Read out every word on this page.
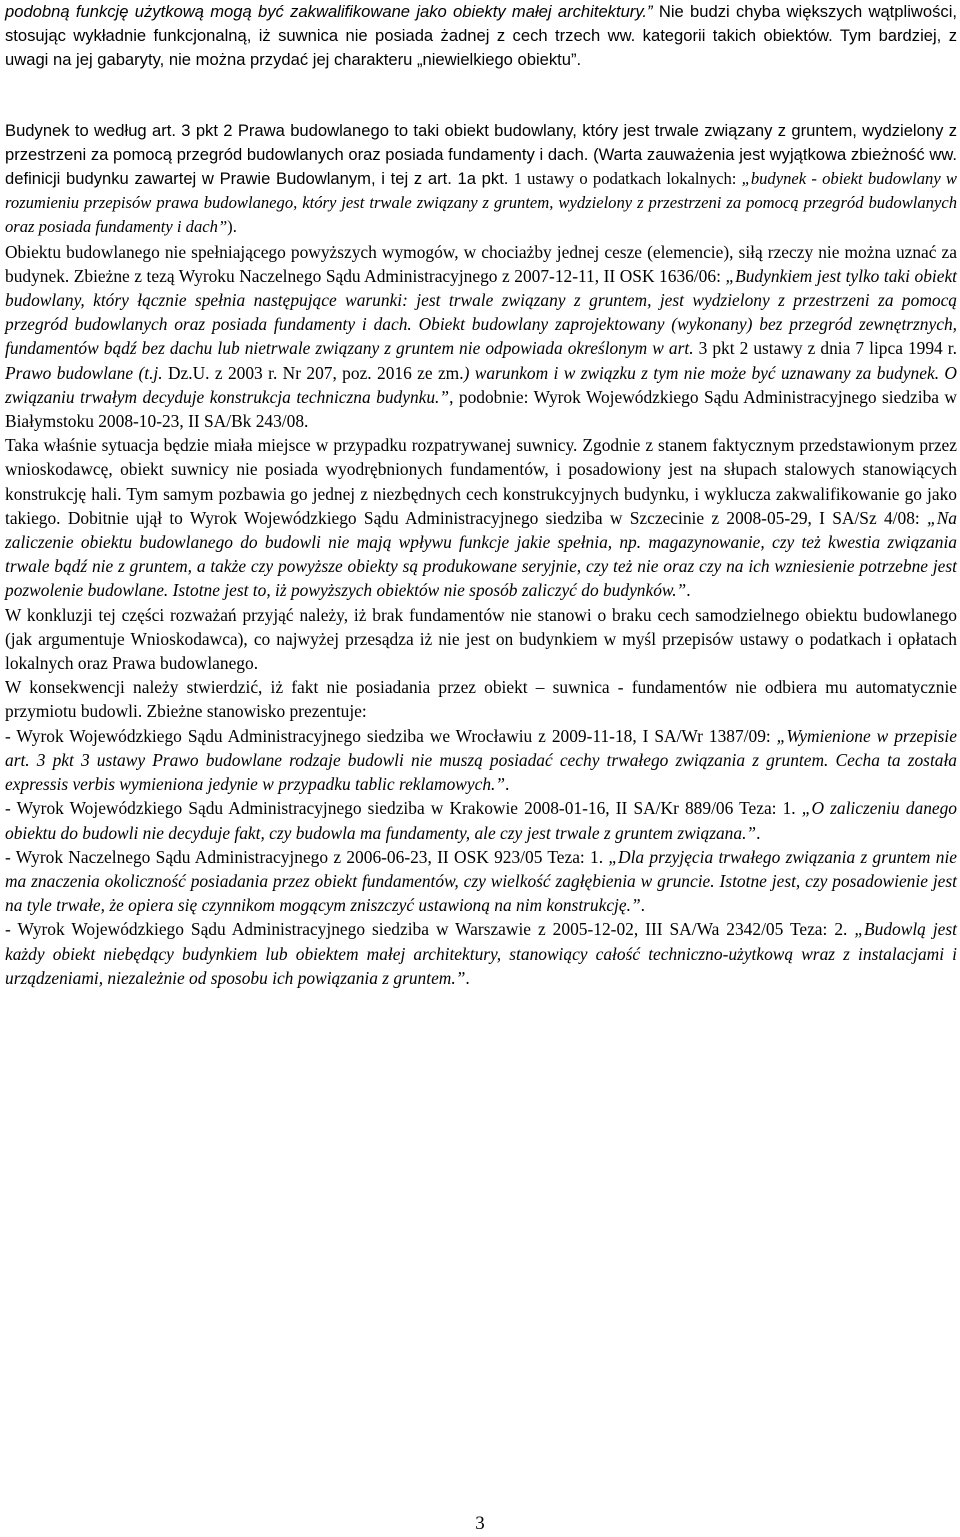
podobną funkcję użytkową mogą być zakwalifikowane jako obiekty małej architektury.” Nie budzi chyba większych wątpliwości, stosując wykładnie funkcjonalną, iż suwnica nie posiada żadnej z cech trzech ww. kategorii takich obiektów. Tym bardziej, z uwagi na jej gabaryty, nie można przydać jej charakteru „niewielkiego obiektu”.

Budynek to według art. 3 pkt 2 Prawa budowlanego to taki obiekt budowlany, który jest trwale związany z gruntem, wydzielony z przestrzeni za pomocą przegród budowlanych oraz posiada fundamenty i dach. (Warta zauważenia jest wyjątkowa zbieżność ww. definicji budynku zawartej w Prawie Budowlanym, i tej z art. 1a pkt. 1 ustawy o podatkach lokalnych: „budynek - obiekt budowlany w rozumieniu przepisów prawa budowlanego, który jest trwale związany z gruntem, wydzielony z przestrzeni za pomocą przegród budowlanych oraz posiada fundamenty i dach”).

Obiektu budowlanego nie spełniającego powyższych wymogów, w chociażby jednej cesze (elemencie), siłą rzeczy nie można uznać za budynek. Zbieżne z tezą Wyroku Naczelnego Sądu Administracyjnego z 2007-12-11, II OSK 1636/06: „Budynkiem jest tylko taki obiekt budowlany, który łącznie spełnia następujące warunki: jest trwale związany z gruntem, jest wydzielony z przestrzeni za pomocą przegród budowlanych oraz posiada fundamenty i dach. Obiekt budowlany zaprojektowany (wykonany) bez przegród zewnętrznych, fundamentów bądź bez dachu lub nietrwale związany z gruntem nie odpowiada określonym w art. 3 pkt 2 ustawy z dnia 7 lipca 1994 r. Prawo budowlane (t.j. Dz.U. z 2003 r. Nr 207, poz. 2016 ze zm.) warunkom i w związku z tym nie może być uznawany za budynek. O związaniu trwałym decyduje konstrukcja techniczna budynku.”, podobnie: Wyrok Wojewódzkiego Sądu Administracyjnego siedziba w Białymstoku 2008-10-23, II SA/Bk 243/08.

Taka właśnie sytuacja będzie miała miejsce w przypadku rozpatrywanej suwnicy. Zgodnie z stanem faktycznym przedstawionym przez wnioskodawcę, obiekt suwnicy nie posiada wyodrębnionych fundamentów, i posadowiony jest na słupach stalowych stanowiących konstrukcję hali. Tym samym pozbawia go jednej z niezbędnych cech konstrukcyjnych budynku, i wyklucza zakwalifikowanie go jako takiego. Dobitnie ujął to Wyrok Wojewódzkiego Sądu Administracyjnego siedziba w Szczecinie z 2008-05-29, I SA/Sz 4/08: „Na zaliczenie obiektu budowlanego do budowli nie mają wpływu funkcje jakie spełnia, np. magazynowanie, czy też kwestia związania trwale bądź nie z gruntem, a także czy powyższe obiekty są produkowane seryjnie, czy też nie oraz czy na ich wzniesienie potrzebne jest pozwolenie budowlane. Istotne jest to, iż powyższych obiektów nie sposób zaliczyć do budynków.”.

W konkluzji tej części rozważań przyjąć należy, iż brak fundamentów nie stanowi o braku cech samodzielnego obiektu budowlanego (jak argumentuje Wnioskodawca), co najwyżej przesądza iż nie jest on budynkiem w myśl przepisów ustawy o podatkach i opłatach lokalnych oraz Prawa budowlanego.

W konsekwencji należy stwierdzić, iż fakt nie posiadania przez obiekt – suwnica - fundamentów nie odbiera mu automatycznie przymiotu budowli. Zbieżne stanowisko prezentuje:

- Wyrok Wojewódzkiego Sądu Administracyjnego siedziba we Wrocławiu z 2009-11-18, I SA/Wr 1387/09: „Wymienione w przepisie art. 3 pkt 3 ustawy Prawo budowlane rodzaje budowli nie muszą posiadać cechy trwałego związania z gruntem. Cecha ta została expressis verbis wymieniona jedynie w przypadku tablic reklamowych.”.

- Wyrok Wojewódzkiego Sądu Administracyjnego siedziba w Krakowie 2008-01-16, II SA/Kr 889/06 Teza: 1. „O zaliczeniu danego obiektu do budowli nie decyduje fakt, czy budowla ma fundamenty, ale czy jest trwale z gruntem związana.”.

- Wyrok Naczelnego Sądu Administracyjnego z 2006-06-23, II OSK 923/05 Teza: 1. „Dla przyjęcia trwałego związania z gruntem nie ma znaczenia okoliczność posiadania przez obiekt fundamentów, czy wielkość zagłębienia w gruncie. Istotne jest, czy posadowienie jest na tyle trwałe, że opiera się czynnikom mogącym zniszczyć ustawioną na nim konstrukcję.”.

- Wyrok Wojewódzkiego Sądu Administracyjnego siedziba w Warszawie z 2005-12-02, III SA/Wa 2342/05 Teza: 2. „Budowlą jest każdy obiekt niebędący budynkiem lub obiektem małej architektury, stanowiący całość techniczno-użytkową wraz z instalacjami i urządzeniami, niezależnie od sposobu ich powiązania z gruntem.”.

3
